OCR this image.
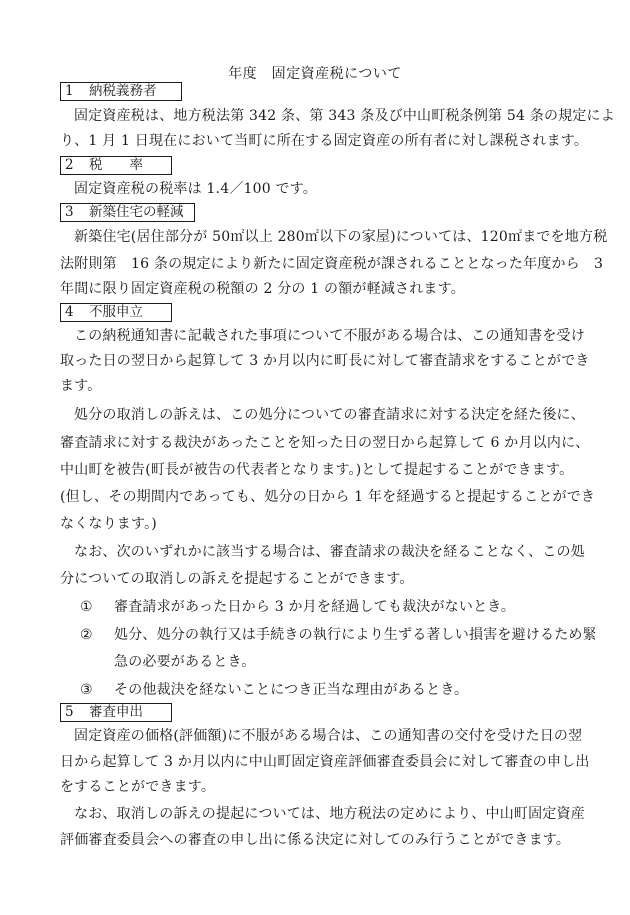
年度　固定資産税について
1 納税義務者
固定資産税は、地方税法第 342 条、第 343 条及び中山町税条例第 54 条の規定によ
り、1 月 1 日現在において当町に所在する固定資産の所有者に対し課税されます。
2 税　　率
固定資産税の税率は 1.4／100 です。
3 新築住宅の軽減
新築住宅(居住部分が 50㎡以上 280㎡以下の家屋)については、120㎡までを地方税
法附則第　16 条の規定により新たに固定資産税が課されることとなった年度から　3
年間に限り固定資産税の税額の 2 分の 1 の額が軽減されます。
4 不服申立
この納税通知書に記載された事項について不服がある場合は、この通知書を受け
取った日の翌日から起算して 3 か月以内に町長に対して審査請求をすることができ
ます。
処分の取消しの訴えは、この処分についての審査請求に対する決定を経た後に、
審査請求に対する裁決があったことを知った日の翌日から起算して 6 か月以内に、
中山町を被告(町長が被告の代表者となります。)として提起することができます。
(但し、その期間内であっても、処分の日から 1 年を経過すると提起することができ
なくなります。)
なお、次のいずれかに該当する場合は、審査請求の裁決を経ることなく、この処
分についての取消しの訴えを提起することができます。
① 審査請求があった日から 3 か月を経過しても裁決がないとき。
② 処分、処分の執行又は手続きの執行により生ずる著しい損害を避けるため緊
急の必要があるとき。
③ その他裁決を経ないことにつき正当な理由があるとき。
5 審査申出
固定資産の価格(評価額)に不服がある場合は、この通知書の交付を受けた日の翌
日から起算して 3 か月以内に中山町固定資産評価審査委員会に対して審査の申し出
をすることができます。
なお、取消しの訴えの提起については、地方税法の定めにより、中山町固定資産
評価審査委員会への審査の申し出に係る決定に対してのみ行うことができます。
